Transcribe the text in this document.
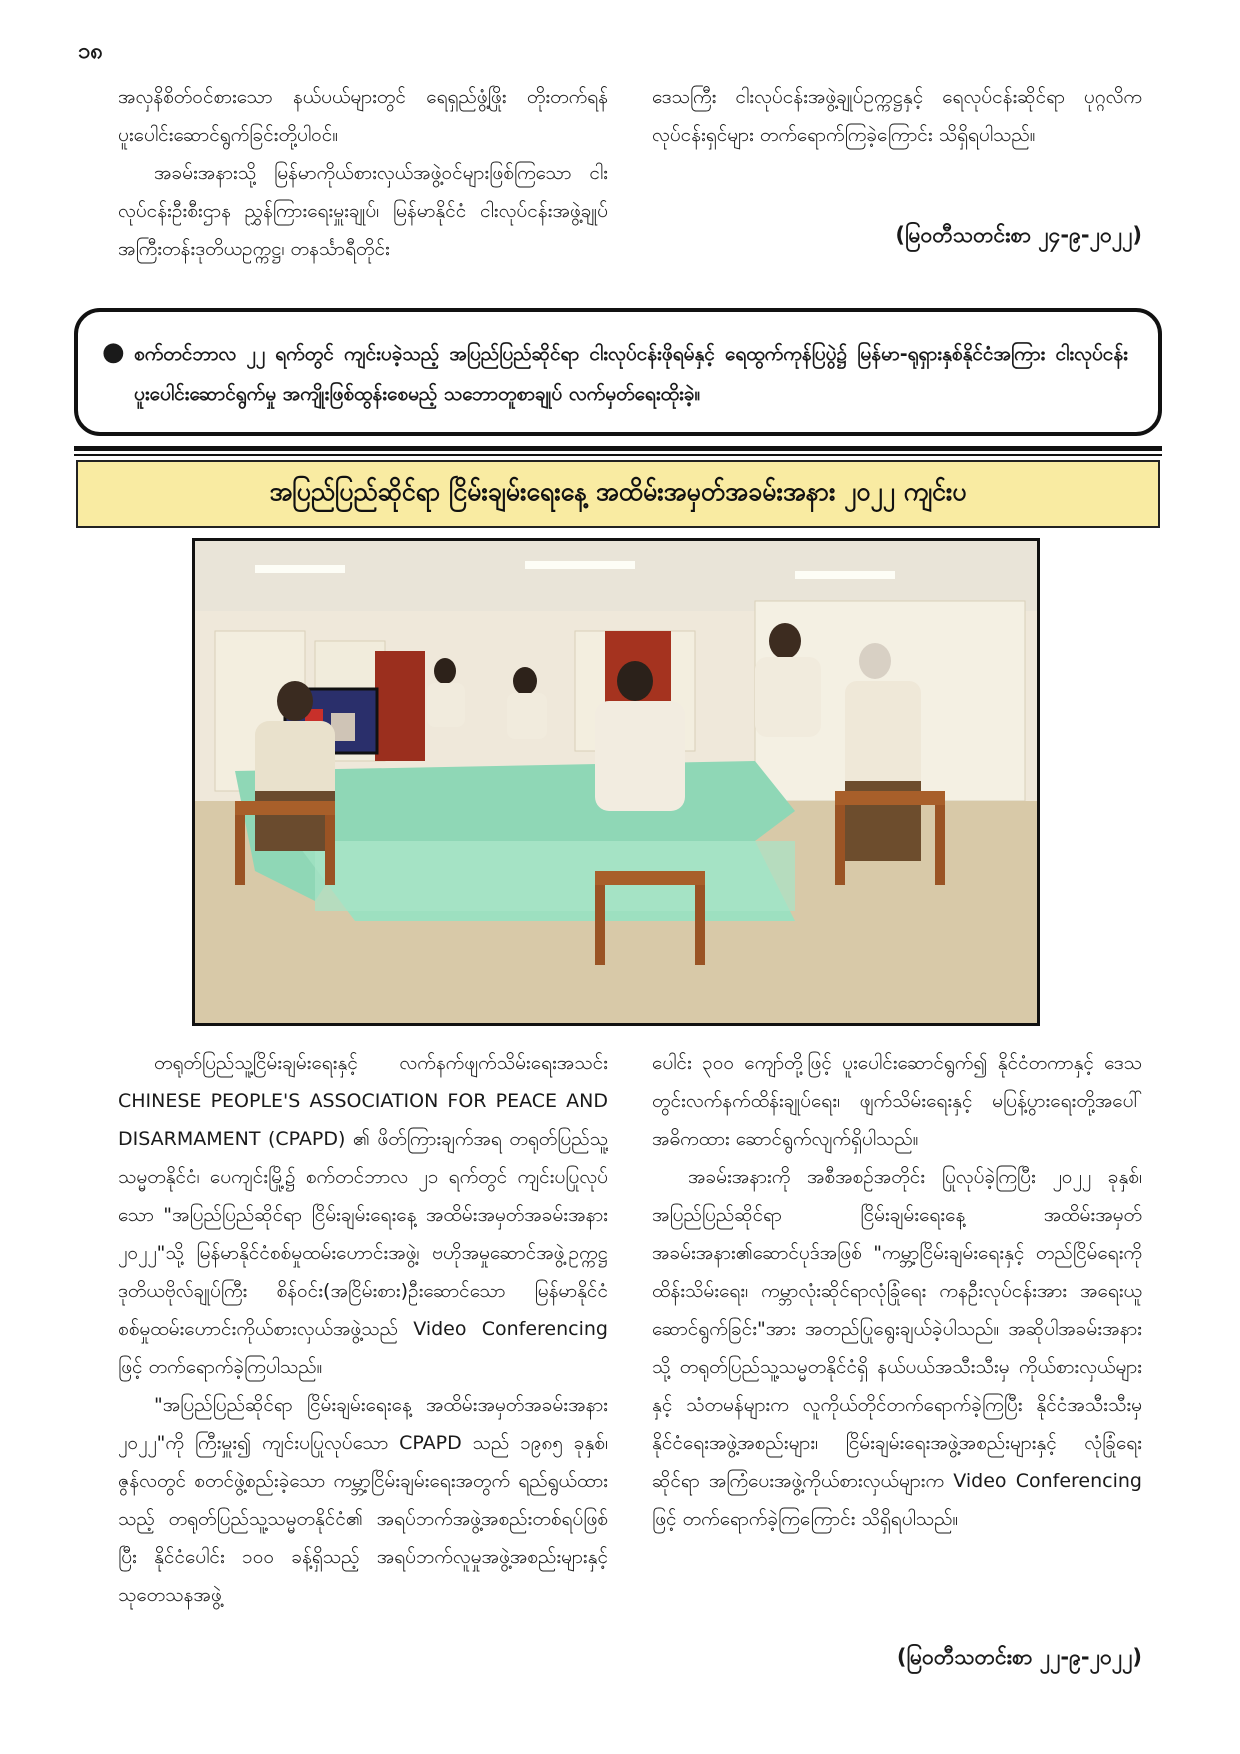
၁၈

အလှနိစိတ်ဝင်စားသော နယ်ပယ်များတွင် ရေရှည်ဖွံ့ဖြိုး တိုးတက်ရန် ပူးပေါင်းဆောင်ရွက်ခြင်းတို့ပါဝင်။

အခမ်းအနားသို့ မြန်မာကိုယ်စားလှယ်အဖွဲ့ဝင်များဖြစ်ကြသော ငါးလုပ်ငန်းဦးစီးဌာန ညွှန်ကြားရေးမှူးချုပ်၊ မြန်မာနိုင်ငံ ငါးလုပ်ငန်းအဖွဲ့ချုပ် အကြီးတန်းဒုတိယဥက္ကဋ္ဌ၊ တနင်္သာရီတိုင်း

ဒေသကြီး ငါးလုပ်ငန်းအဖွဲ့ချုပ်ဥက္ကဋ္ဌနှင့် ရေလုပ်ငန်းဆိုင်ရာ ပုဂ္ဂလိကလုပ်ငန်းရှင်များ တက်ရောက်ကြခဲ့ကြောင်း သိရှိရပါသည်။

(မြဝတီသတင်းစာ ၂၄-၉-၂၀၂၂)
● စက်တင်ဘာလ ၂၂ ရက်တွင် ကျင်းပခဲ့သည့် အပြည်ပြည်ဆိုင်ရာ ငါးလုပ်ငန်းဖိုရမ်နှင့် ရေထွက်ကုန်ပြပွဲ၌ မြန်မာ-ရုရှားနှစ်နိုင်ငံအကြား ငါးလုပ်ငန်းပူးပေါင်းဆောင်ရွက်မှု အကျိုးဖြစ်ထွန်းစေမည့် သဘောတူစာချုပ် လက်မှတ်ရေးထိုးခဲ့။
အပြည်ပြည်ဆိုင်ရာ ငြိမ်းချမ်းရေးနေ့ အထိမ်းအမှတ်အခမ်းအနား ၂၀၂၂ ကျင်းပ

တရုတ်ပြည်သူ့ငြိမ်းချမ်းရေးနှင့် လက်နက်ဖျက်သိမ်းရေးအသင်း CHINESE PEOPLE'S ASSOCIATION FOR PEACE AND DISARMAMENT (CPAPD) ၏ ဖိတ်ကြားချက်အရ တရုတ်ပြည်သူ့သမ္မတနိုင်ငံ၊ ပေကျင်းမြို့၌ စက်တင်ဘာလ ၂၁ ရက်တွင် ကျင်းပပြုလုပ်သော "အပြည်ပြည်ဆိုင်ရာ ငြိမ်းချမ်းရေးနေ့ အထိမ်းအမှတ်အခမ်းအနား ၂၀၂၂"သို့ မြန်မာနိုင်ငံစစ်မှုထမ်းဟောင်းအဖွဲ့၊ ဗဟိုအမှုဆောင်အဖွဲ့ဥက္ကဋ္ဌ ဒုတိယဗိုလ်ချုပ်ကြီး စိန်ဝင်း(အငြိမ်းစား)ဦးဆောင်သော မြန်မာနိုင်ငံစစ်မှုထမ်းဟောင်းကိုယ်စားလှယ်အဖွဲ့သည် Video Conferencing ဖြင့် တက်ရောက်ခဲ့ကြပါသည်။

"အပြည်ပြည်ဆိုင်ရာ ငြိမ်းချမ်းရေးနေ့ အထိမ်းအမှတ်အခမ်းအနား ၂၀၂၂"ကို ကြီးမှူး၍ ကျင်းပပြုလုပ်သော CPAPD သည် ၁၉၈၅ ခုနှစ်၊ ဇွန်လတွင် စတင်ဖွဲ့စည်းခဲ့သော ကမ္ဘာ့ငြိမ်းချမ်းရေးအတွက် ရည်ရွယ်ထားသည့် တရုတ်ပြည်သူ့သမ္မတနိုင်ငံ၏ အရပ်ဘက်အဖွဲ့အစည်းတစ်ရပ်ဖြစ်ပြီး နိုင်ငံပေါင်း ၁၀၀ ခန့်ရှိသည့် အရပ်ဘက်လူမှုအဖွဲ့အစည်းများနှင့် သုတေသနအဖွဲ့

ပေါင်း ၃၀၀ ကျော်တို့ဖြင့် ပူးပေါင်းဆောင်ရွက်၍ နိုင်ငံတကာနှင့် ဒေသတွင်းလက်နက်ထိန်းချုပ်ရေး၊ ဖျက်သိမ်းရေးနှင့် မပြန့်ပွားရေးတို့အပေါ် အဓိကထား ဆောင်ရွက်လျက်ရှိပါသည်။

အခမ်းအနားကို အစီအစဉ်အတိုင်း ပြုလုပ်ခဲ့ကြပြီး ၂၀၂၂ ခုနှစ်၊ အပြည်ပြည်ဆိုင်ရာ ငြိမ်းချမ်းရေးနေ့ အထိမ်းအမှတ်အခမ်းအနား၏ဆောင်ပုဒ်အဖြစ် "ကမ္ဘာ့ငြိမ်းချမ်းရေးနှင့် တည်ငြိမ်ရေးကို ထိန်းသိမ်းရေး၊ ကမ္ဘာလုံးဆိုင်ရာလုံခြုံရေး ကနဦးလုပ်ငန်းအား အရေးယူဆောင်ရွက်ခြင်း"အား အတည်ပြုရွေးချယ်ခဲ့ပါသည်။ အဆိုပါအခမ်းအနားသို့ တရုတ်ပြည်သူ့သမ္မတနိုင်ငံရှိ နယ်ပယ်အသီးသီးမှ ကိုယ်စားလှယ်များနှင့် သံတမန်များက လူကိုယ်တိုင်တက်ရောက်ခဲ့ကြပြီး နိုင်ငံအသီးသီးမှ နိုင်ငံရေးအဖွဲ့အစည်းများ၊ ငြိမ်းချမ်းရေးအဖွဲ့အစည်းများနှင့် လုံခြုံရေးဆိုင်ရာ အကြံပေးအဖွဲ့ကိုယ်စားလှယ်များက Video Conferencing ဖြင့် တက်ရောက်ခဲ့ကြကြောင်း သိရှိရပါသည်။

(မြဝတီသတင်းစာ ၂၂-၉-၂၀၂၂)
